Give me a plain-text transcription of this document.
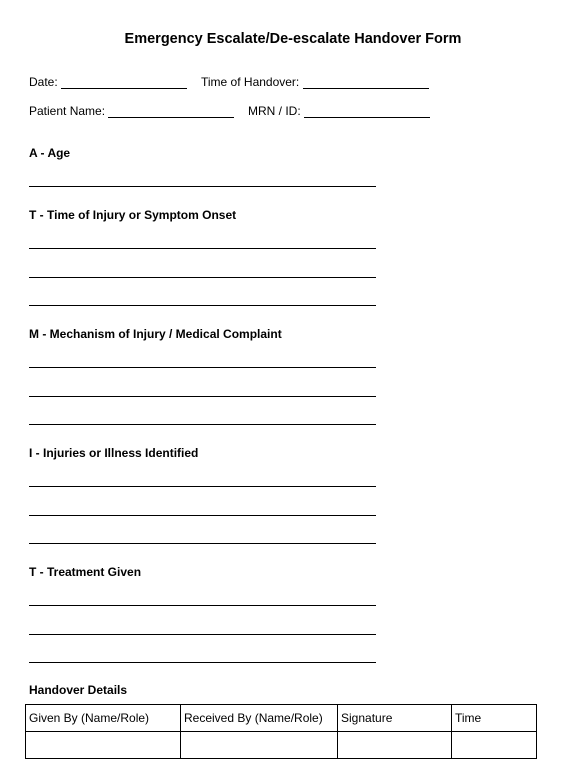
Emergency Escalate/De-escalate Handover Form
Date:	Time of Handover:
Patient Name:	MRN / ID:
A - Age
T - Time of Injury or Symptom Onset
M - Mechanism of Injury / Medical Complaint
I - Injuries or Illness Identified
T - Treatment Given
Handover Details
Given By (Name/Role)	Received By (Name/Role)	Signature	Time
